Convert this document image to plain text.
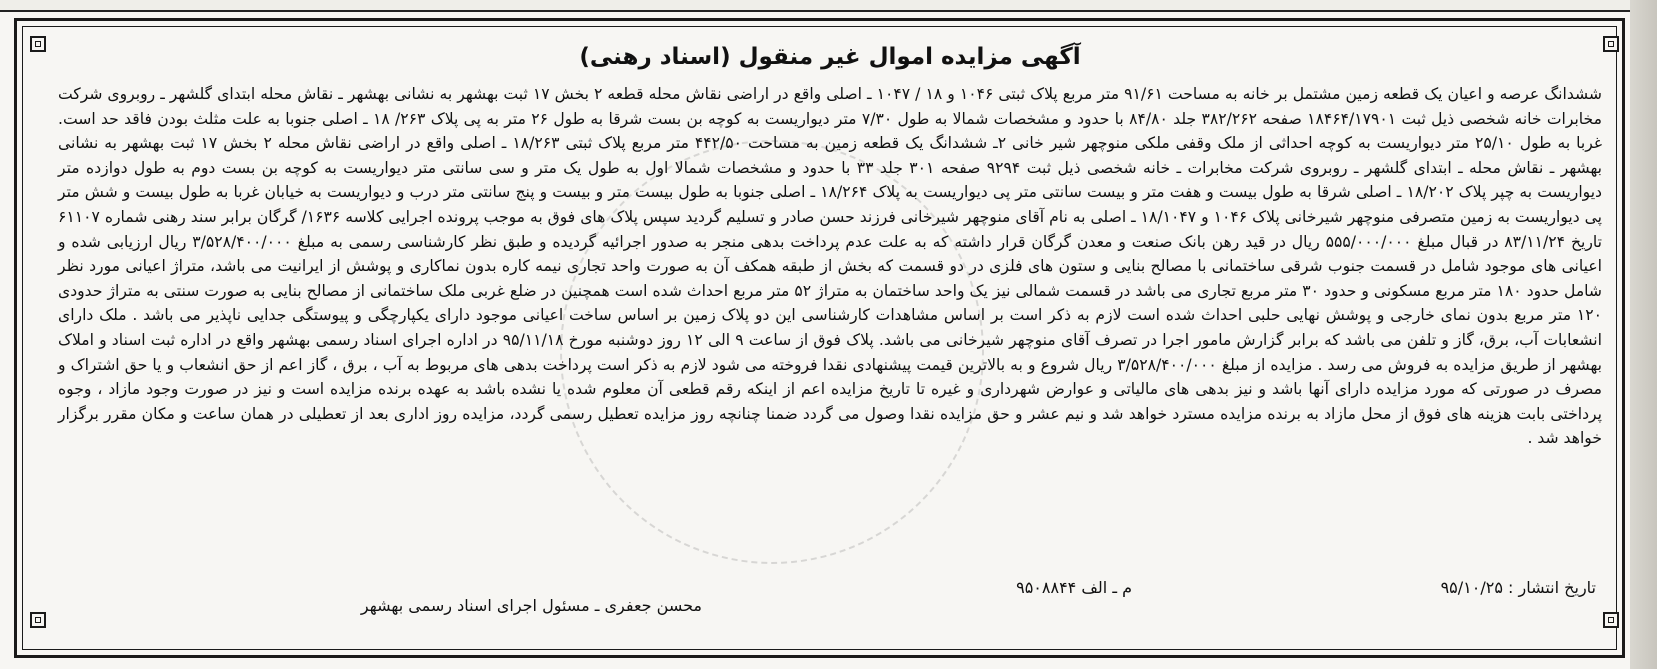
آگهی مزایده اموال غیر منقول (اسناد رهنی)

ششدانگ عرصه و اعیان یک قطعه زمین مشتمل بر خانه به مساحت ۹۱/۶۱ متر مربع پلاک ثبتی ۱۰۴۶ و ۱۸ / ۱۰۴۷ ـ اصلی واقع در اراضی نقاش محله قطعه ۲ بخش ۱۷ ثبت بهشهر به نشانی بهشهر ـ نقاش محله ابتدای گلشهر ـ روبروی شرکت مخابرات خانه شخصی ذیل ثبت ۱۸۴۶۴/۱۷۹۰۱ صفحه ۳۸۲/۲۶۲ جلد ۸۴/۸۰ با حدود و مشخصات شمالا به طول ۷/۳۰ متر دیواریست به کوچه بن بست شرقا به طول ۲۶ متر به پی پلاک ۲۶۳/ ۱۸ ـ اصلی جنوبا به علت مثلث بودن فاقد حد است. غربا به طول ۲۵/۱۰ متر دیواریست به کوچه احداثی از ملک وقفی ملکی منوچهر شیر خانی ۲ـ ششدانگ یک قطعه زمین به مساحت ۴۴۲/۵۰ متر مربع پلاک ثبتی ۱۸/۲۶۳ ـ اصلی واقع در اراضی نقاش محله ۲ بخش ۱۷ ثبت بهشهر به نشانی بهشهر ـ نقاش محله ـ ابتدای گلشهر ـ روبروی شرکت مخابرات ـ خانه شخصی ذیل ثبت ۹۲۹۴ صفحه ۳۰۱ جلد ۳۳ با حدود و مشخصات شمالا اول به طول یک متر و سی سانتی متر دیواریست به کوچه بن بست دوم به طول دوازده متر دیواریست به چپر پلاک ۱۸/۲۰۲ ـ اصلی شرقا به طول بیست و هفت متر و بیست سانتی متر پی دیواریست به پلاک ۱۸/۲۶۴ ـ اصلی جنوبا به طول بیست متر و بیست و پنج سانتی متر درب و دیواریست به خیابان غربا به طول بیست و شش متر پی دیواریست به زمین متصرفی منوچهر شیرخانی پلاک ۱۰۴۶ و ۱۸/۱۰۴۷ ـ اصلی به نام آقای منوچهر شیرخانی فرزند حسن صادر و تسلیم گردید سپس پلاک های فوق به موجب پرونده اجرایی کلاسه ۱۶۳۶/ گرگان برابر سند رهنی شماره ۶۱۱۰۷ تاریخ ۸۳/۱۱/۲۴ در قبال مبلغ ۵۵۵/۰۰۰/۰۰۰ ریال در قید رهن بانک صنعت و معدن گرگان قرار داشته که به علت عدم پرداخت بدهی منجر به صدور اجرائیه گردیده و طبق نظر کارشناسی رسمی به مبلغ ۳/۵۲۸/۴۰۰/۰۰۰ ریال ارزیابی شده و اعیانی های موجود شامل در قسمت جنوب شرقی ساختمانی با مصالح بنایی و ستون های فلزی در دو قسمت که بخش از طبقه همکف آن به صورت واحد تجاری نیمه کاره بدون نماکاری و پوشش از ایرانیت می باشد، متراژ اعیانی مورد نظر شامل حدود ۱۸۰ متر مربع مسکونی و حدود ۳۰ متر مربع تجاری می باشد در قسمت شمالی نیز یک واحد ساختمان به متراژ ۵۲ متر مربع احداث شده است همچنین در ضلع غربی ملک ساختمانی از مصالح بنایی به صورت سنتی به متراژ حدودی ۱۲۰ متر مربع بدون نمای خارجی و پوشش نهایی حلبی احداث شده است لازم به ذکر است بر اساس مشاهدات کارشناسی این دو پلاک زمین بر اساس ساخت اعیانی موجود دارای یکپارچگی و پیوستگی جدایی ناپذیر می باشد . ملک دارای انشعابات آب، برق، گاز و تلفن می باشد که برابر گزارش مامور اجرا در تصرف آقای منوچهر شیرخانی می باشد. پلاک فوق از ساعت ۹ الی ۱۲ روز دوشنبه مورخ ۹۵/۱۱/۱۸ در اداره اجرای اسناد رسمی بهشهر واقع در اداره ثبت اسناد و املاک بهشهر از طریق مزایده به فروش می رسد . مزایده از مبلغ ۳/۵۲۸/۴۰۰/۰۰۰ ریال شروع و به بالاترین قیمت پیشنهادی نقدا فروخته می شود لازم به ذکر است پرداخت بدهی های مربوط به آب ، برق ، گاز اعم از حق انشعاب و یا حق اشتراک و مصرف در صورتی که مورد مزایده دارای آنها باشد و نیز بدهی های مالیاتی و عوارض شهرداری و غیره تا تاریخ مزایده اعم از اینکه رقم قطعی آن معلوم شده یا نشده باشد به عهده برنده مزایده است و نیز در صورت وجود مازاد ، وجوه پرداختی بابت هزینه های فوق از محل مازاد به برنده مزایده مسترد خواهد شد و نیم عشر و حق مزایده نقدا وصول می گردد ضمنا چنانچه روز مزایده تعطیل رسمی گردد، مزایده روز اداری بعد از تعطیلی در همان ساعت و مکان مقرر برگزار خواهد شد .

تاریخ انتشار : ۹۵/۱۰/۲۵
م ـ الف ۹۵۰۸۸۴۴
محسن جعفری ـ مسئول اجرای اسناد رسمی بهشهر
